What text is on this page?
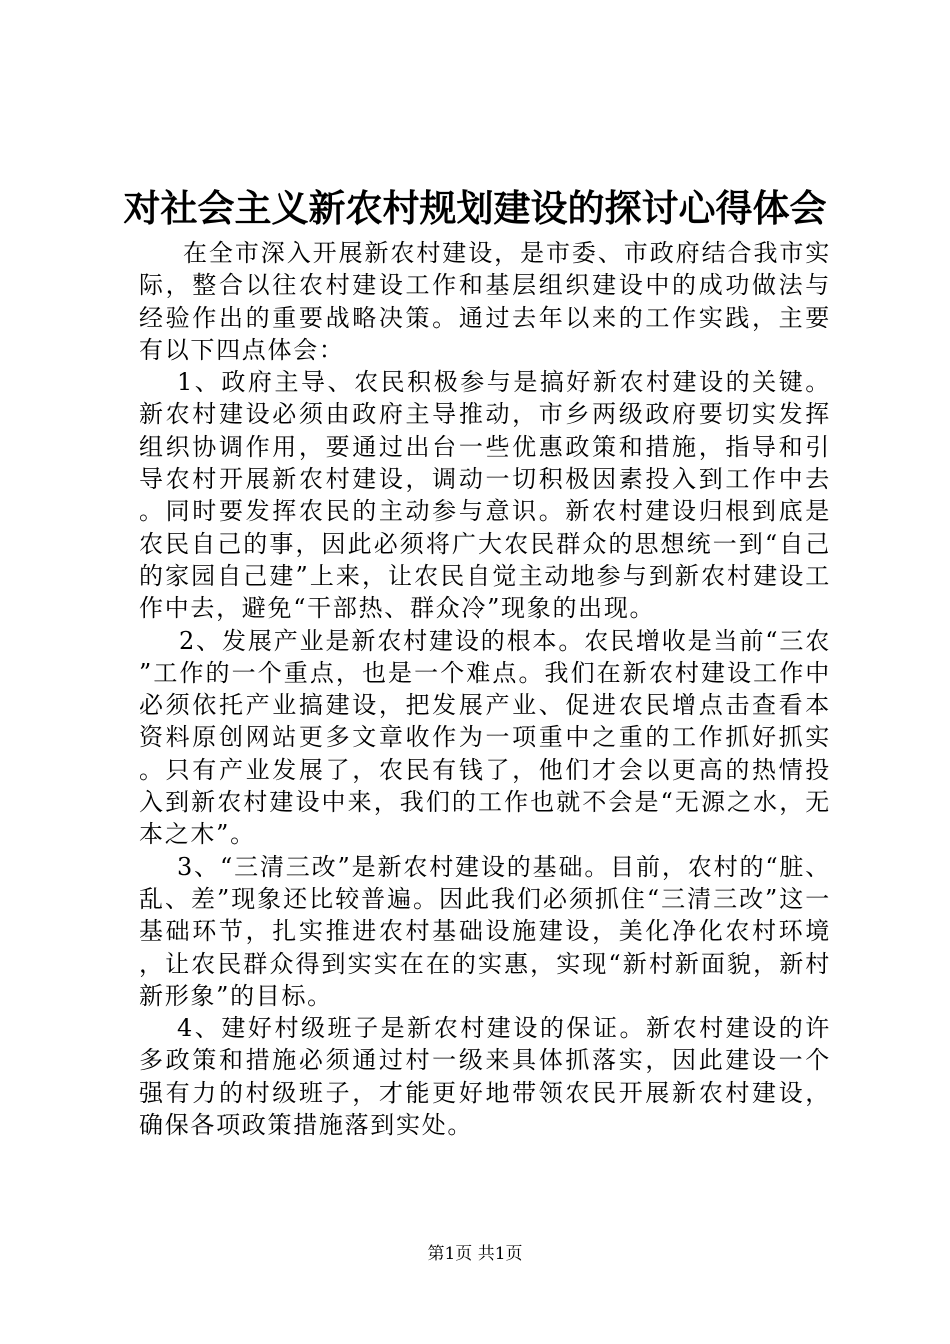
对社会主义新农村规划建设的探讨心得体会

在全市深入开展新农村建设，是市委、市政府结合我市实际，整合以往农村建设工作和基层组织建设中的成功做法与经验作出的重要战略决策。通过去年以来的工作实践，主要有以下四点体会：

1、政府主导、农民积极参与是搞好新农村建设的关键。新农村建设必须由政府主导推动，市乡两级政府要切实发挥组织协调作用，要通过出台一些优惠政策和措施，指导和引导农村开展新农村建设，调动一切积极因素投入到工作中去。同时要发挥农民的主动参与意识。新农村建设归根到底是农民自己的事，因此必须将广大农民群众的思想统一到“自己的家园自己建”上来，让农民自觉主动地参与到新农村建设工作中去，避免“干部热、群众冷”现象的出现。

2、发展产业是新农村建设的根本。农民增收是当前“三农”工作的一个重点，也是一个难点。我们在新农村建设工作中必须依托产业搞建设，把发展产业、促进农民增点击查看本资料原创网站更多文章收作为一项重中之重的工作抓好抓实。只有产业发展了，农民有钱了，他们才会以更高的热情投入到新农村建设中来，我们的工作也就不会是“无源之水，无本之木”。

3、“三清三改”是新农村建设的基础。目前，农村的“脏、乱、差”现象还比较普遍。因此我们必须抓住“三清三改”这一基础环节，扎实推进农村基础设施建设，美化净化农村环境，让农民群众得到实实在在的实惠，实现“新村新面貌，新村新形象”的目标。

4、建好村级班子是新农村建设的保证。新农村建设的许多政策和措施必须通过村一级来具体抓落实，因此建设一个强有力的村级班子，才能更好地带领农民开展新农村建设，确保各项政策措施落到实处。

第1页 共1页
